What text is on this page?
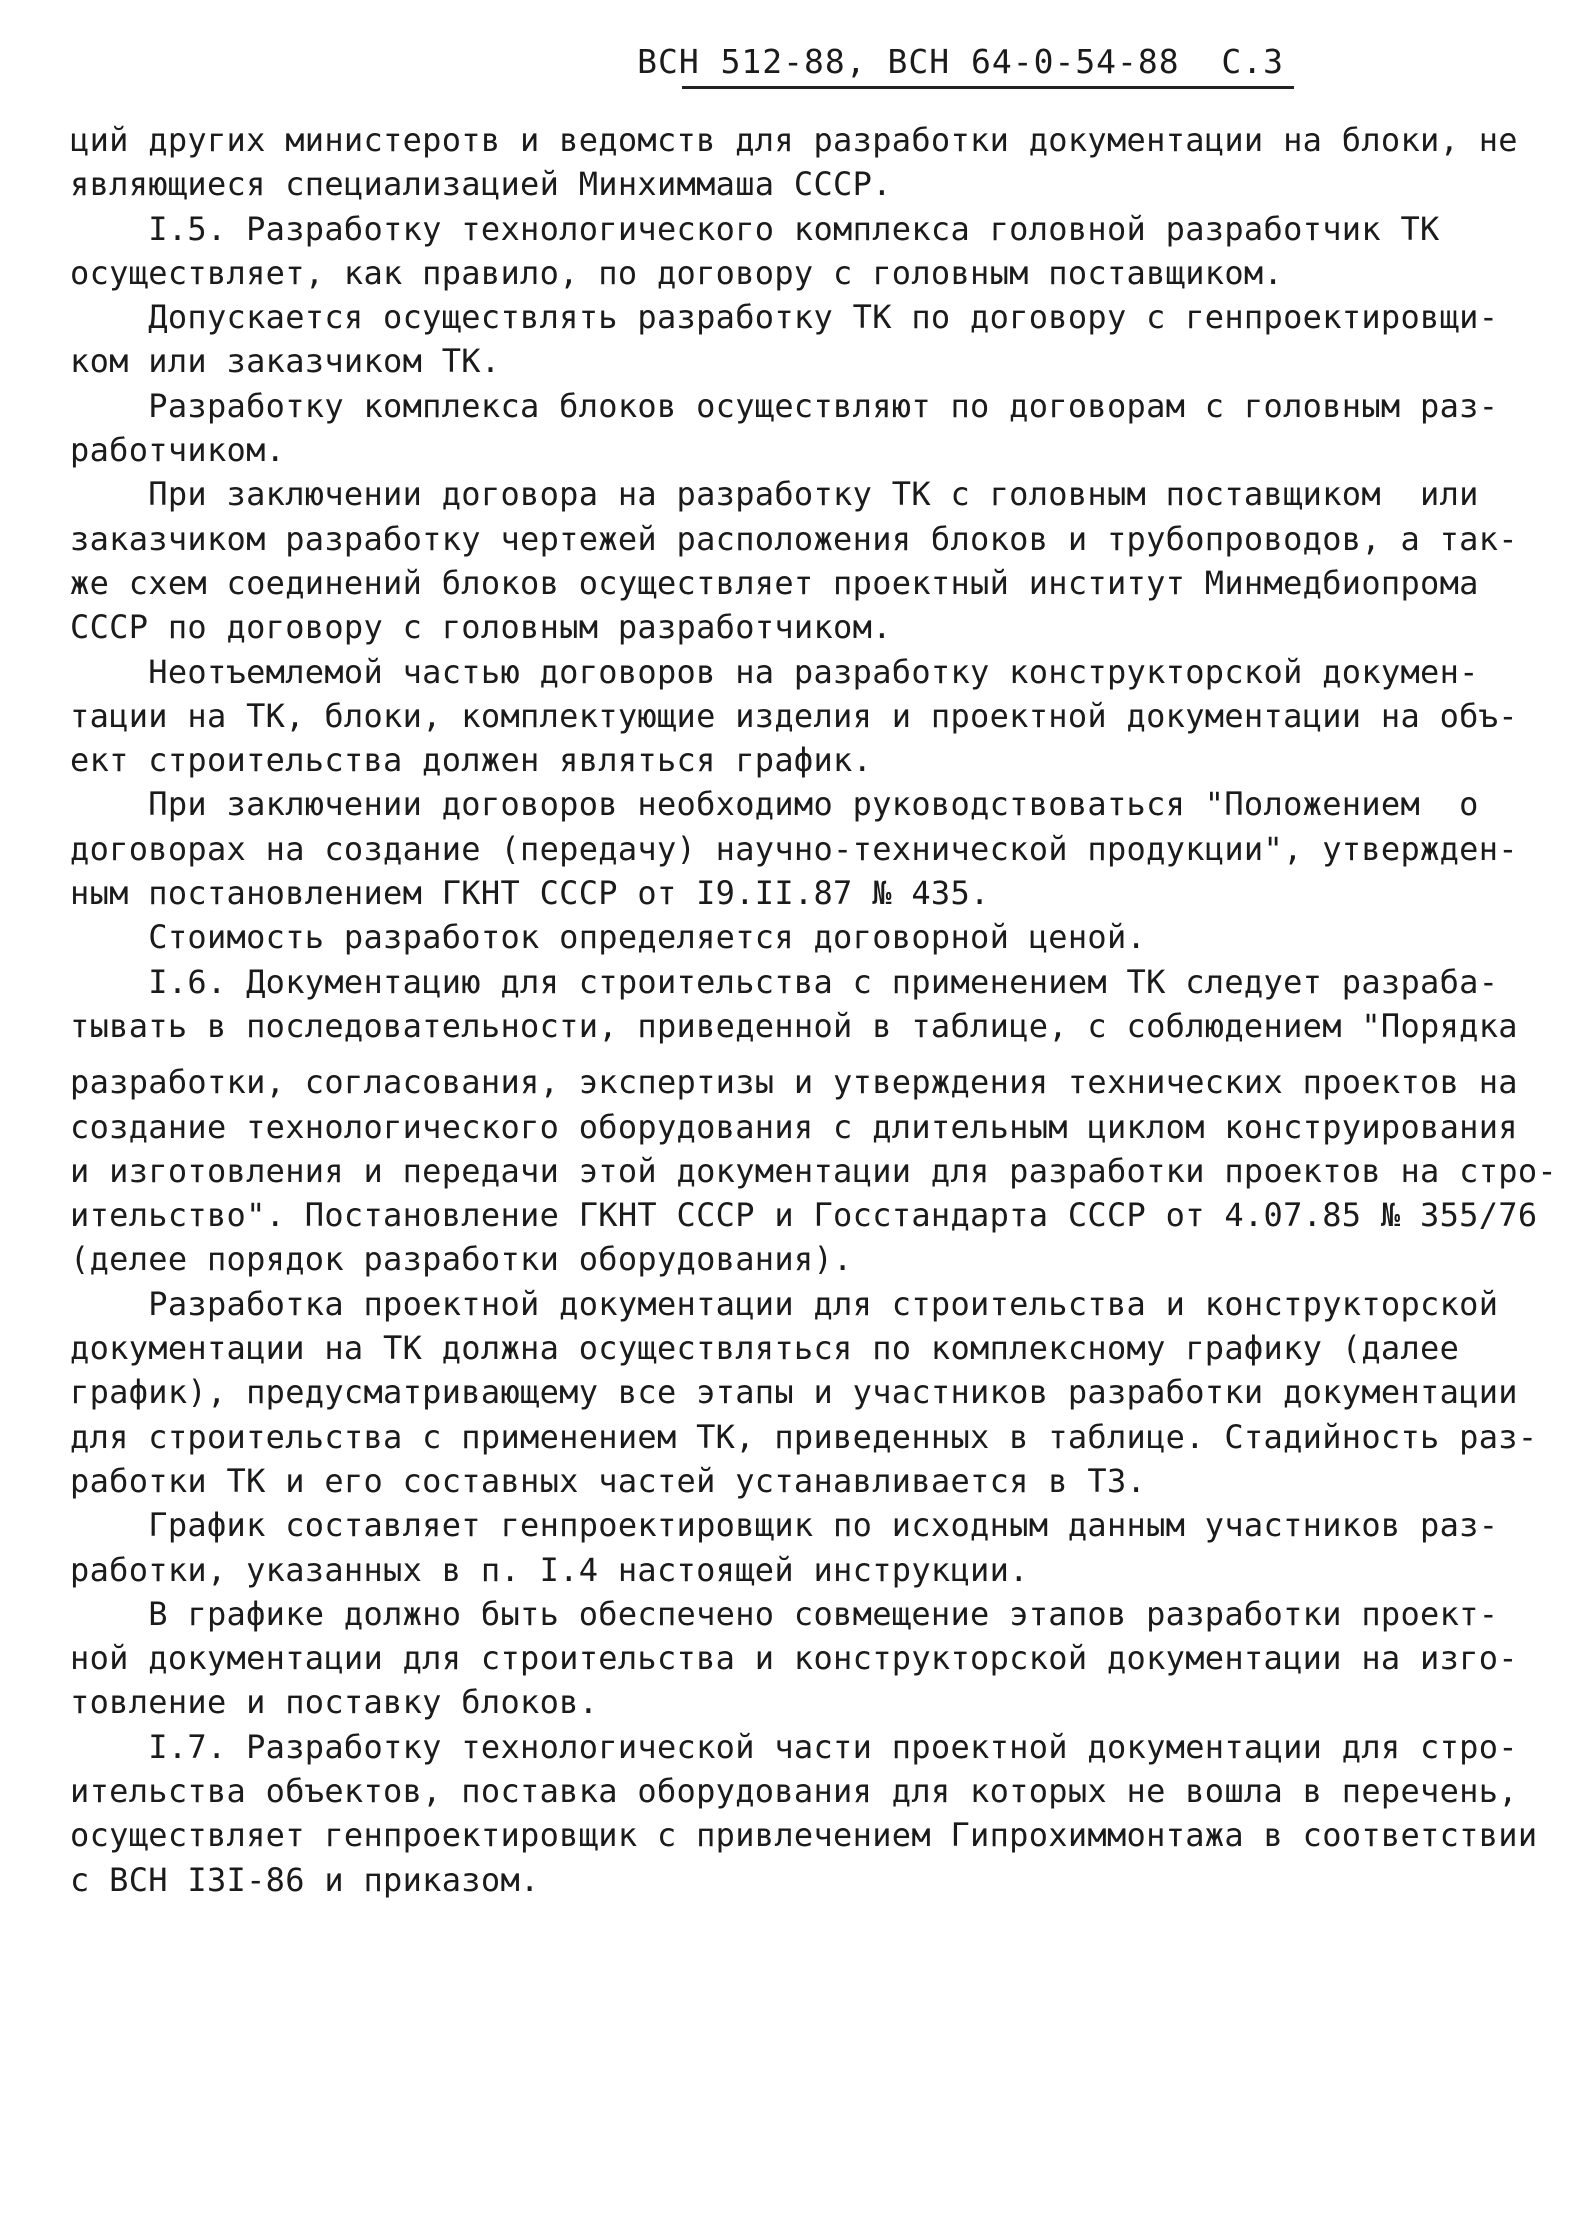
ВСН 512-88, ВСН 64-0-54-88  С.3
ций других министеротв и ведомств для разработки документации на блоки, не
являющиеся специализацией Минхиммаша СССР.
I.5. Разработку технологического комплекса головной разработчик ТК
осуществляет, как правило, по договору с головным поставщиком.
Допускается осуществлять разработку ТК по договору с генпроектировщи-
ком или заказчиком ТК.
Разработку комплекса блоков осуществляют по договорам с головным раз-
работчиком.
При заключении договора на разработку ТК с головным поставщиком  или
заказчиком разработку чертежей расположения блоков и трубопроводов, а так-
же схем соединений блоков осуществляет проектный институт Минмедбиопрома
СССР по договору с головным разработчиком.
Неотъемлемой частью договоров на разработку конструкторской докумен-
тации на ТК, блоки, комплектующие изделия и проектной документации на объ-
ект строительства должен являться график.
При заключении договоров необходимо руководствоваться "Положением  о
договорах на создание (передачу) научно-технической продукции", утвержден-
ным постановлением ГКНТ СССР от I9.II.87 № 435.
Стоимость разработок определяется договорной ценой.
I.6. Документацию для строительства с применением ТК следует разраба-
тывать в последовательности, приведенной в таблице, с соблюдением "Порядка
разработки, согласования, экспертизы и утверждения технических проектов на
создание технологического оборудования с длительным циклом конструирования
и изготовления и передачи этой документации для разработки проектов на стро-
ительство". Постановление ГКНТ СССР и Госстандарта СССР от 4.07.85 № 355/76
(делее порядок разработки оборудования).
Разработка проектной документации для строительства и конструкторской
документации на ТК должна осуществляться по комплексному графику (далее
график), предусматривающему все этапы и участников разработки документации
для строительства с применением ТК, приведенных в таблице. Стадийность раз-
работки ТК и его составных частей устанавливается в ТЗ.
График составляет генпроектировщик по исходным данным участников раз-
работки, указанных в п. I.4 настоящей инструкции.
В графике должно быть обеспечено совмещение этапов разработки проект-
ной документации для строительства и конструкторской документации на изго-
товление и поставку блоков.
I.7. Разработку технологической части проектной документации для стро-
ительства объектов, поставка оборудования для которых не вошла в перечень,
осуществляет генпроектировщик с привлечением Гипрохиммонтажа в соответствии
с ВСН I3I-86 и приказом.
